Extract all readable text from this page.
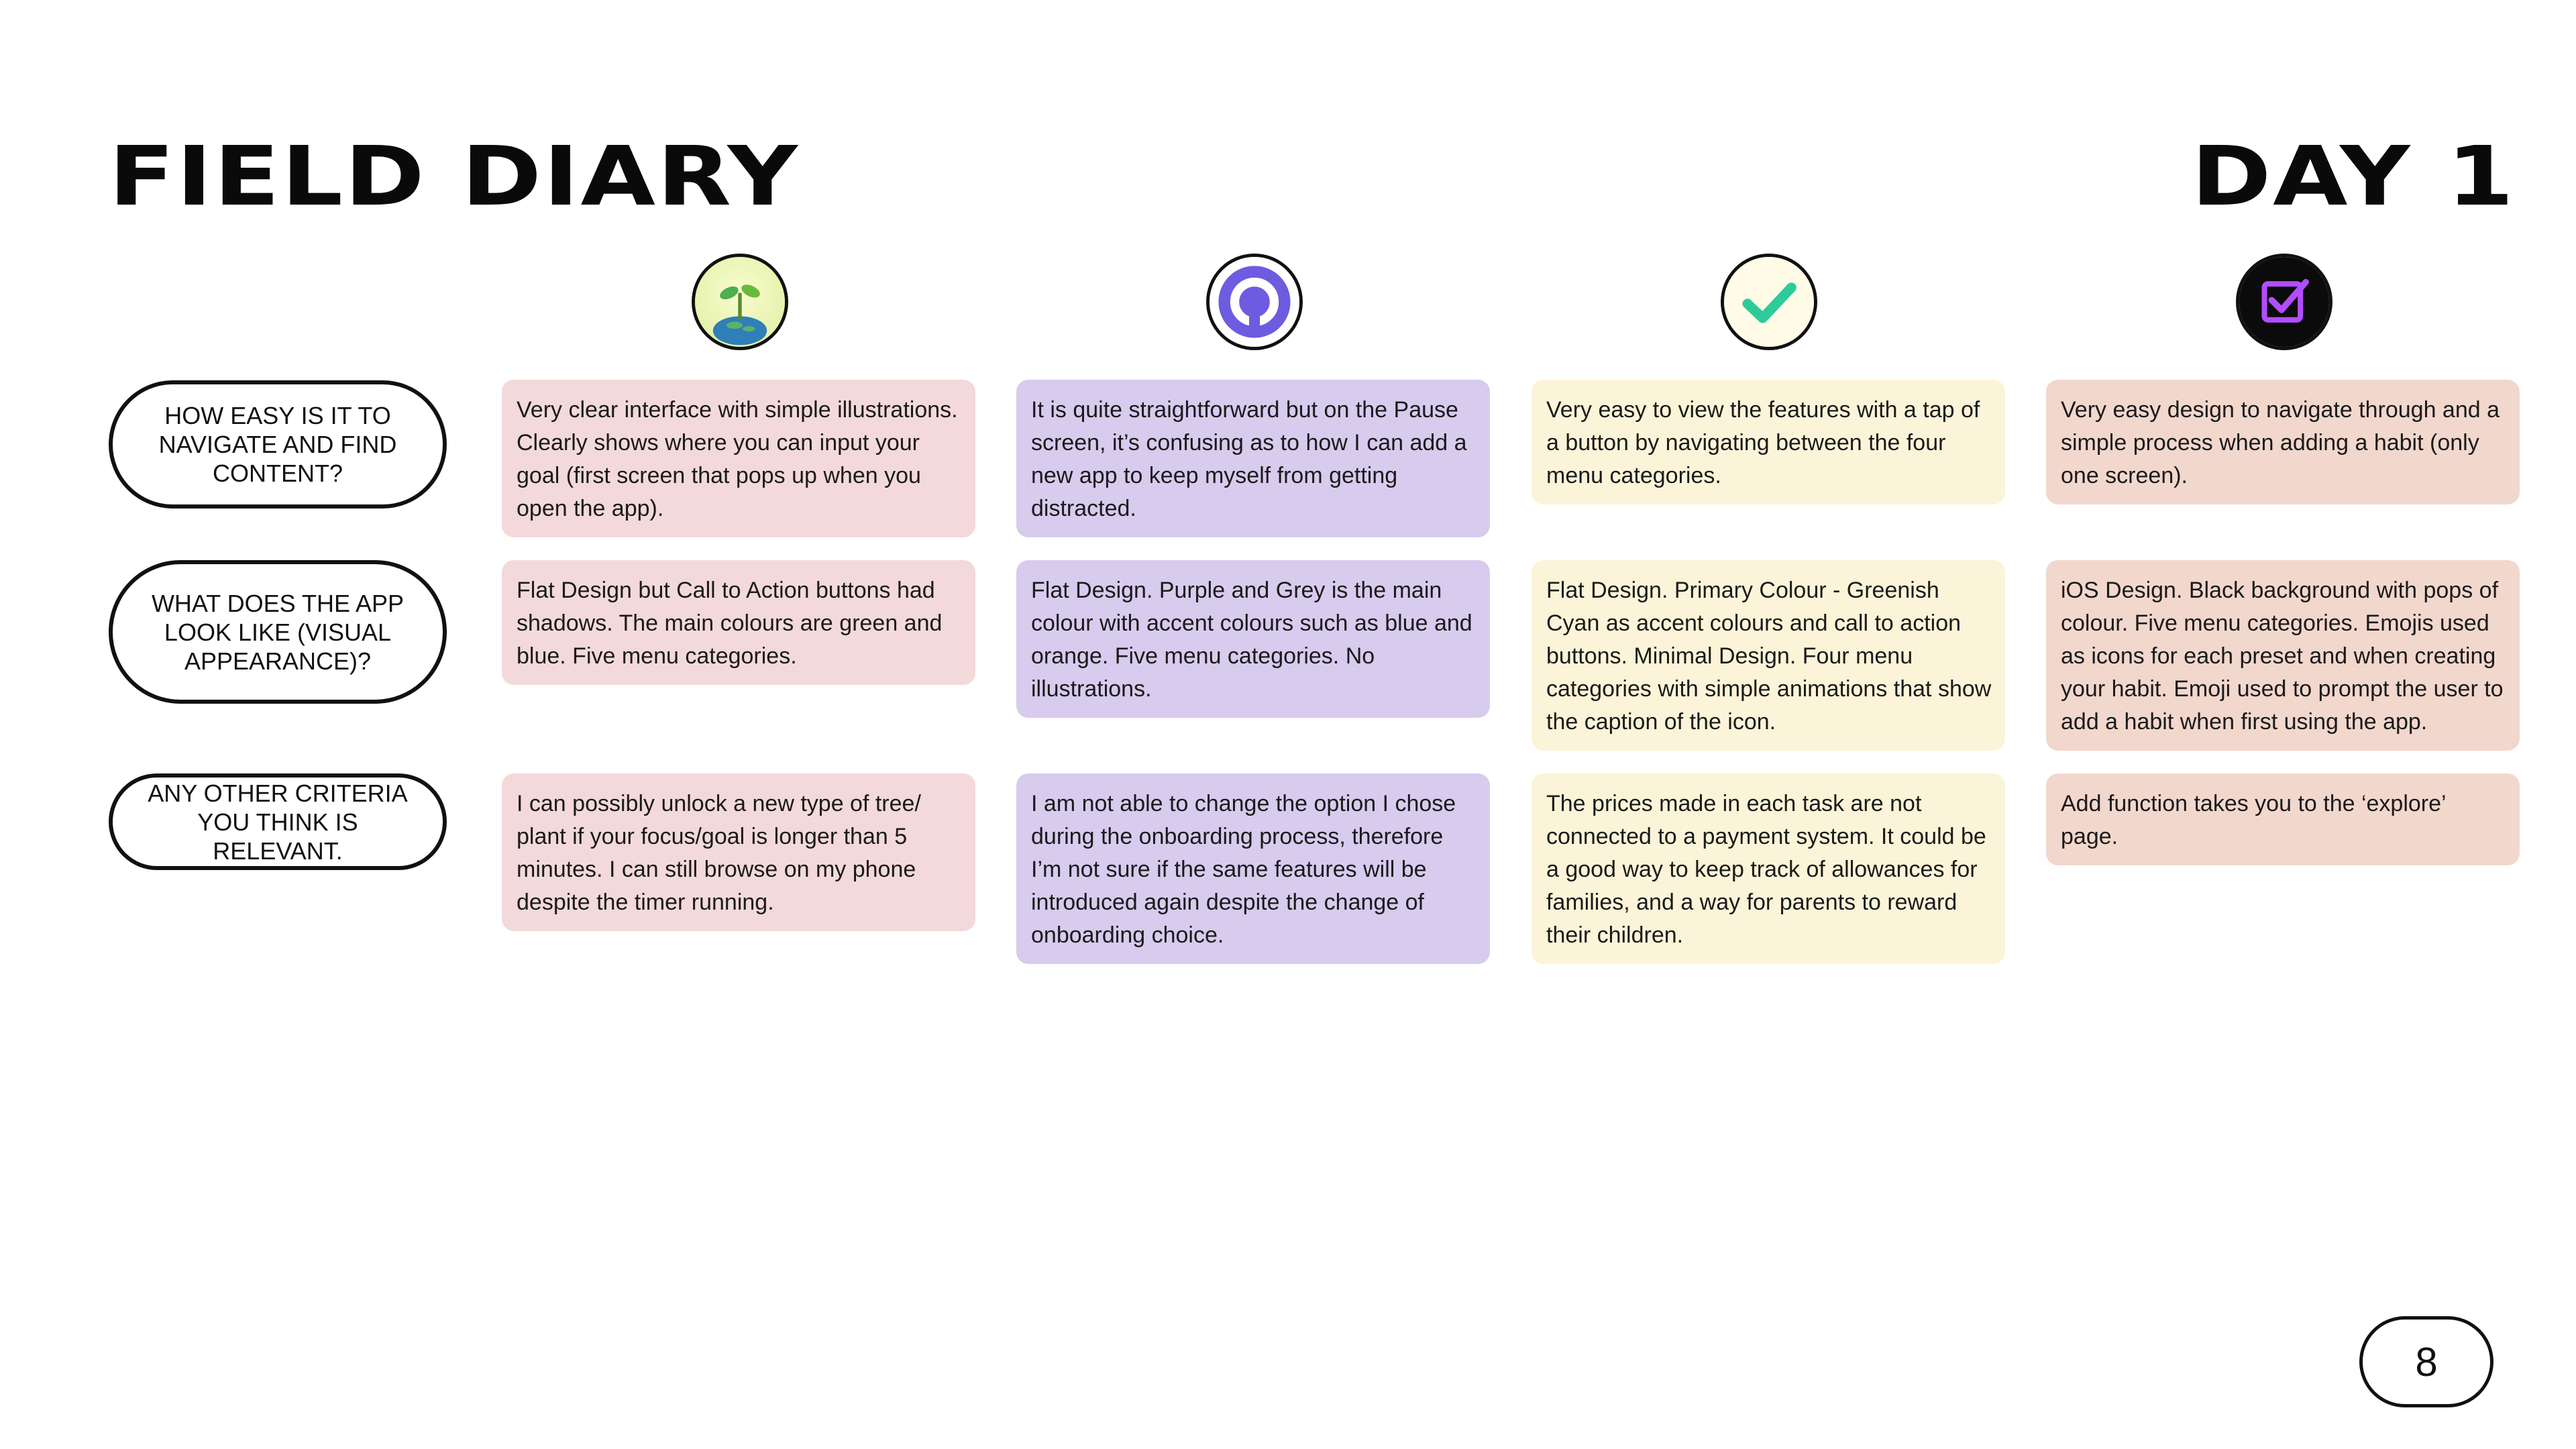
FIELD DIARY	DAY 1
HOW EASY IS IT TO NAVIGATE AND FIND CONTENT?
WHAT DOES THE APP LOOK LIKE (VISUAL APPEARANCE)?
ANY OTHER CRITERIA YOU THINK IS RELEVANT.
Very clear interface with simple illustrations. Clearly shows where you can input your goal (first screen that pops up when you open the app).
It is quite straightforward but on the Pause screen, it’s confusing as to how I can add a new app to keep myself from getting distracted.
Very easy to view the features with a tap of a button by navigating between the four menu categories.
Very easy design to navigate through and a simple process when adding a habit (only one screen).
Flat Design but Call to Action buttons had shadows. The main colours are green and blue. Five menu categories.
Flat Design. Purple and Grey is the main colour with accent colours such as blue and orange. Five menu categories. No illustrations.
Flat Design. Primary Colour - Greenish Cyan as accent colours and call to action buttons. Minimal Design. Four menu categories with simple animations that show the caption of the icon.
iOS Design. Black background with pops of colour. Five menu categories. Emojis used as icons for each preset and when creating your habit. Emoji used to prompt the user to add a habit when first using the app.
I can possibly unlock a new type of tree/ plant if your focus/goal is longer than 5 minutes. I can still browse on my phone despite the timer running.
I am not able to change the option I chose during the onboarding process, therefore I’m not sure if the same features will be introduced again despite the change of onboarding choice.
The prices made in each task are not connected to a payment system. It could be a good way to keep track of allowances for families, and a way for parents to reward their children.
Add function takes you to the ‘explore’ page.
8
